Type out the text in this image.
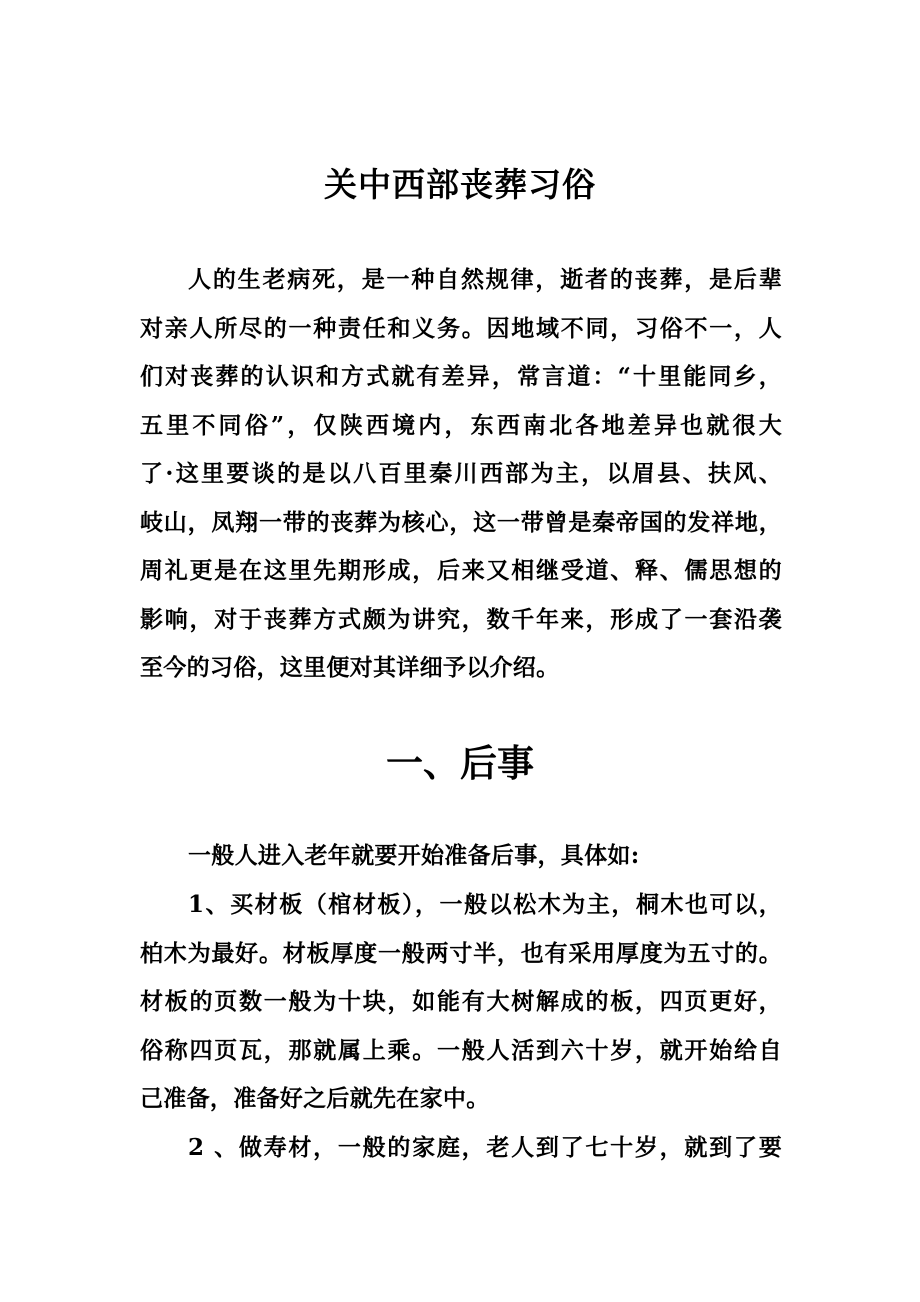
关中西部丧葬习俗
人的生老病死，是一种自然规律，逝者的丧葬，是后辈
对亲人所尽的一种责任和义务。因地域不同，习俗不一，人
们对丧葬的认识和方式就有差异，常言道：“十里能同乡，
五里不同俗”，仅陕西境内，东西南北各地差异也就很大
了·这里要谈的是以八百里秦川西部为主，以眉县、扶风、
岐山，凤翔一带的丧葬为核心，这一带曾是秦帝国的发祥地，
周礼更是在这里先期形成，后来又相继受道、释、儒思想的
影响，对于丧葬方式颇为讲究，数千年来，形成了一套沿袭
至今的习俗，这里便对其详细予以介绍。
一、后事
一般人进入老年就要开始准备后事，具体如:
1、买材板（棺材板），一般以松木为主，桐木也可以，
柏木为最好。材板厚度一般两寸半，也有采用厚度为五寸的。
材板的页数一般为十块，如能有大树解成的板，四页更好，
俗称四页瓦，那就属上乘。一般人活到六十岁，就开始给自
己准备，准备好之后就先在家中。
2 、做寿材，一般的家庭，老人到了七十岁，就到了要
